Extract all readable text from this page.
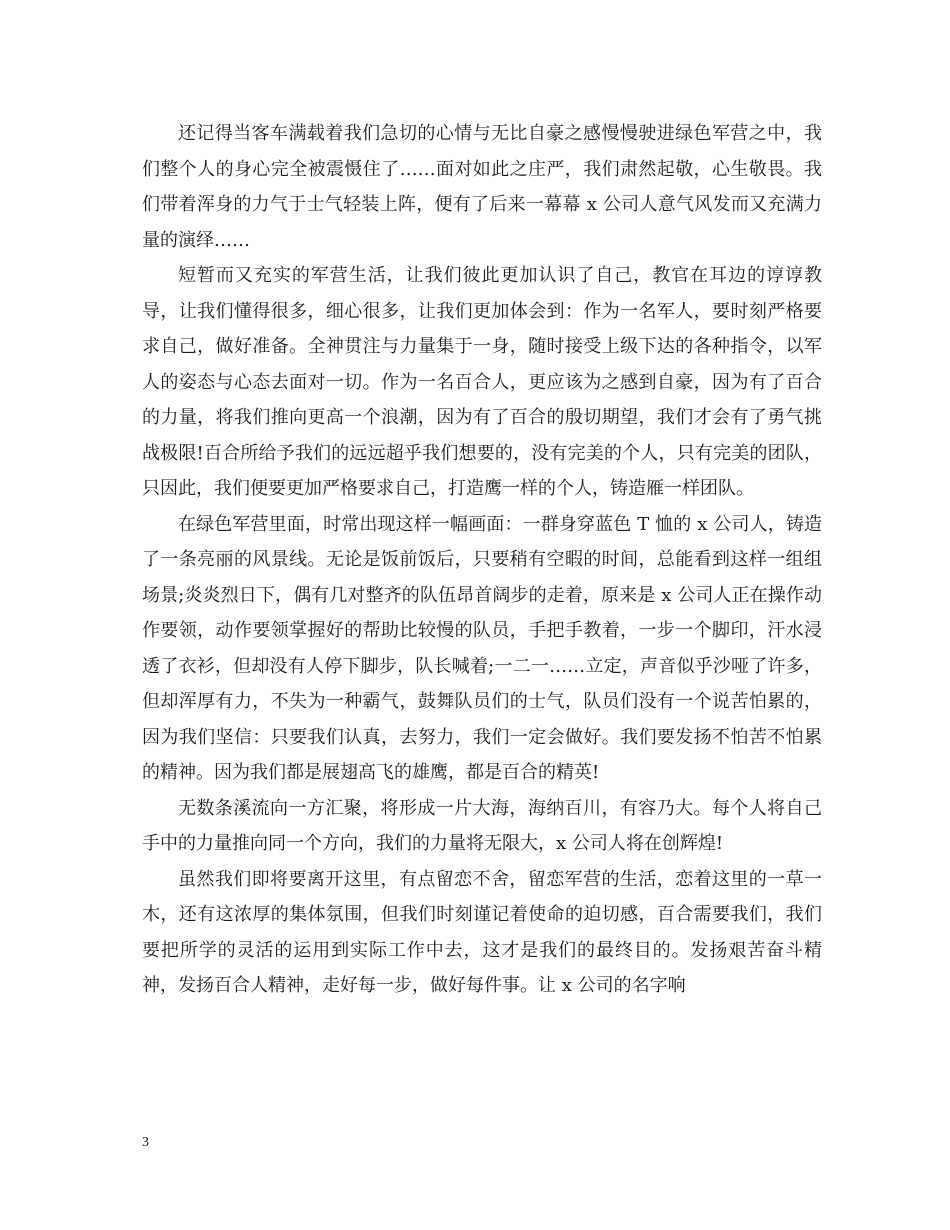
还记得当客车满载着我们急切的心情与无比自豪之感慢慢驶进绿色军营之中，我们整个人的身心完全被震慑住了……面对如此之庄严，我们肃然起敬，心生敬畏。我们带着浑身的力气于士气轻装上阵，便有了后来一幕幕 x 公司人意气风发而又充满力量的演绎……

短暂而又充实的军营生活，让我们彼此更加认识了自己，教官在耳边的谆谆教导，让我们懂得很多，细心很多，让我们更加体会到：作为一名军人，要时刻严格要求自己，做好准备。全神贯注与力量集于一身，随时接受上级下达的各种指令，以军人的姿态与心态去面对一切。作为一名百合人，更应该为之感到自豪，因为有了百合的力量，将我们推向更高一个浪潮，因为有了百合的殷切期望，我们才会有了勇气挑战极限!百合所给予我们的远远超乎我们想要的，没有完美的个人，只有完美的团队，只因此，我们便要更加严格要求自己，打造鹰一样的个人，铸造雁一样团队。

在绿色军营里面，时常出现这样一幅画面：一群身穿蓝色 T 恤的 x 公司人，铸造了一条亮丽的风景线。无论是饭前饭后，只要稍有空暇的时间，总能看到这样一组组场景;炎炎烈日下，偶有几对整齐的队伍昂首阔步的走着，原来是 x 公司人正在操作动作要领，动作要领掌握好的帮助比较慢的队员，手把手教着，一步一个脚印，汗水浸透了衣衫，但却没有人停下脚步，队长喊着;一二一……立定，声音似乎沙哑了许多，但却浑厚有力，不失为一种霸气，鼓舞队员们的士气，队员们没有一个说苦怕累的，因为我们坚信：只要我们认真，去努力，我们一定会做好。我们要发扬不怕苦不怕累的精神。因为我们都是展翅高飞的雄鹰，都是百合的精英!

无数条溪流向一方汇聚，将形成一片大海，海纳百川，有容乃大。每个人将自己手中的力量推向同一个方向，我们的力量将无限大，x 公司人将在创辉煌!

虽然我们即将要离开这里，有点留恋不舍，留恋军营的生活，恋着这里的一草一木，还有这浓厚的集体氛围，但我们时刻谨记着使命的迫切感，百合需要我们，我们要把所学的灵活的运用到实际工作中去，这才是我们的最终目的。发扬艰苦奋斗精神，发扬百合人精神，走好每一步，做好每件事。让 x 公司的名字响

3
